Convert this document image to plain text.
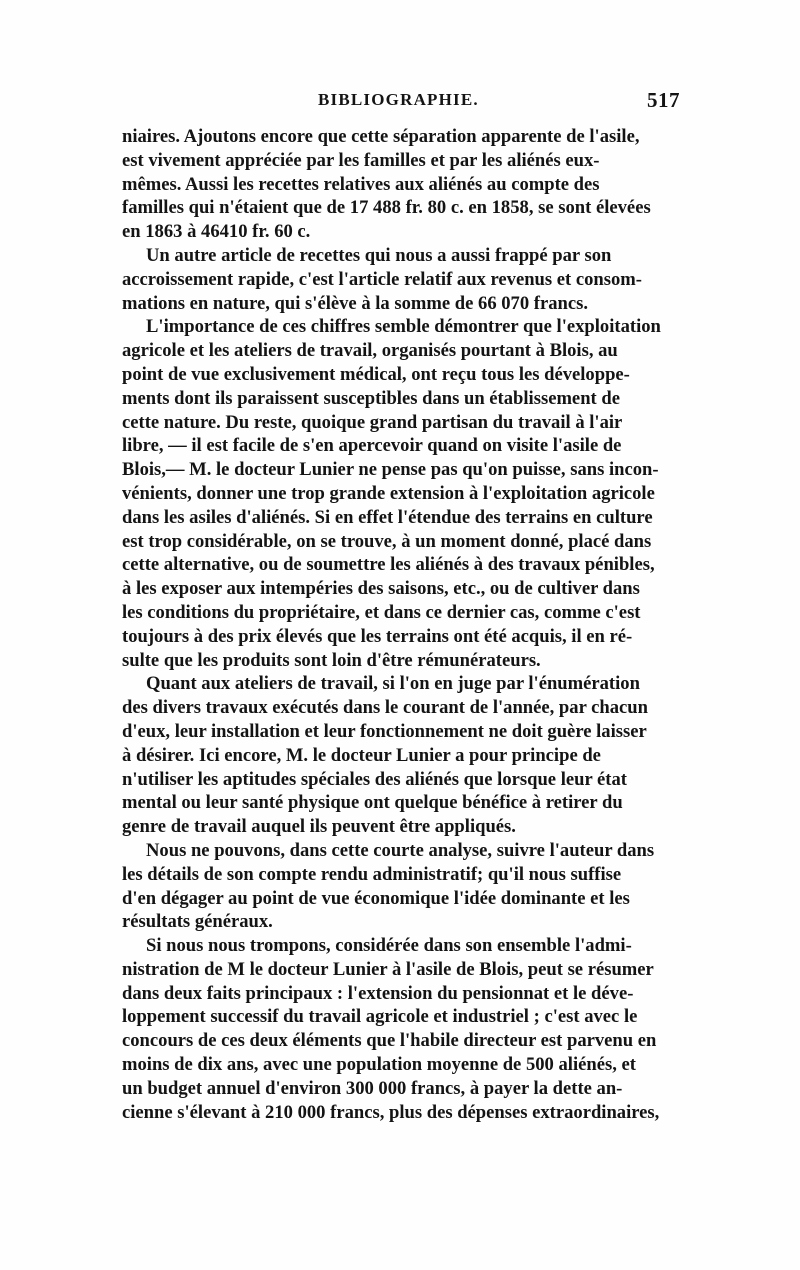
BIBLIOGRAPHIE.	517
niaires. Ajoutons encore que cette séparation apparente de l'asile,
est vivement appréciée par les familles et par les aliénés eux-
mêmes. Aussi les recettes relatives aux aliénés au compte des
familles qui n'étaient que de 17 488 fr. 80 c. en 1858, se sont élevées
en 1863 à 46410 fr. 60 c.
Un autre article de recettes qui nous a aussi frappé par son
accroissement rapide, c'est l'article relatif aux revenus et consom-
mations en nature, qui s'élève à la somme de 66 070 francs.
L'importance de ces chiffres semble démontrer que l'exploitation
agricole et les ateliers de travail, organisés pourtant à Blois, au
point de vue exclusivement médical, ont reçu tous les développe-
ments dont ils paraissent susceptibles dans un établissement de
cette nature. Du reste, quoique grand partisan du travail à l'air
libre, — il est facile de s'en apercevoir quand on visite l'asile de
Blois,— M. le docteur Lunier ne pense pas qu'on puisse, sans incon-
vénients, donner une trop grande extension à l'exploitation agricole
dans les asiles d'aliénés. Si en effet l'étendue des terrains en culture
est trop considérable, on se trouve, à un moment donné, placé dans
cette alternative, ou de soumettre les aliénés à des travaux pénibles,
à les exposer aux intempéries des saisons, etc., ou de cultiver dans
les conditions du propriétaire, et dans ce dernier cas, comme c'est
toujours à des prix élevés que les terrains ont été acquis, il en ré-
sulte que les produits sont loin d'être rémunérateurs.
Quant aux ateliers de travail, si l'on en juge par l'énumération
des divers travaux exécutés dans le courant de l'année, par chacun
d'eux, leur installation et leur fonctionnement ne doit guère laisser
à désirer. Ici encore, M. le docteur Lunier a pour principe de
n'utiliser les aptitudes spéciales des aliénés que lorsque leur état
mental ou leur santé physique ont quelque bénéfice à retirer du
genre de travail auquel ils peuvent être appliqués.
Nous ne pouvons, dans cette courte analyse, suivre l'auteur dans
les détails de son compte rendu administratif; qu'il nous suffise
d'en dégager au point de vue économique l'idée dominante et les
résultats généraux.
Si nous nous trompons, considérée dans son ensemble l'admi-
nistration de M le docteur Lunier à l'asile de Blois, peut se résumer
dans deux faits principaux : l'extension du pensionnat et le déve-
loppement successif du travail agricole et industriel ; c'est avec le
concours de ces deux éléments que l'habile directeur est parvenu en
moins de dix ans, avec une population moyenne de 500 aliénés, et
un budget annuel d'environ 300 000 francs, à payer la dette an-
cienne s'élevant à 210 000 francs, plus des dépenses extraordinaires,
